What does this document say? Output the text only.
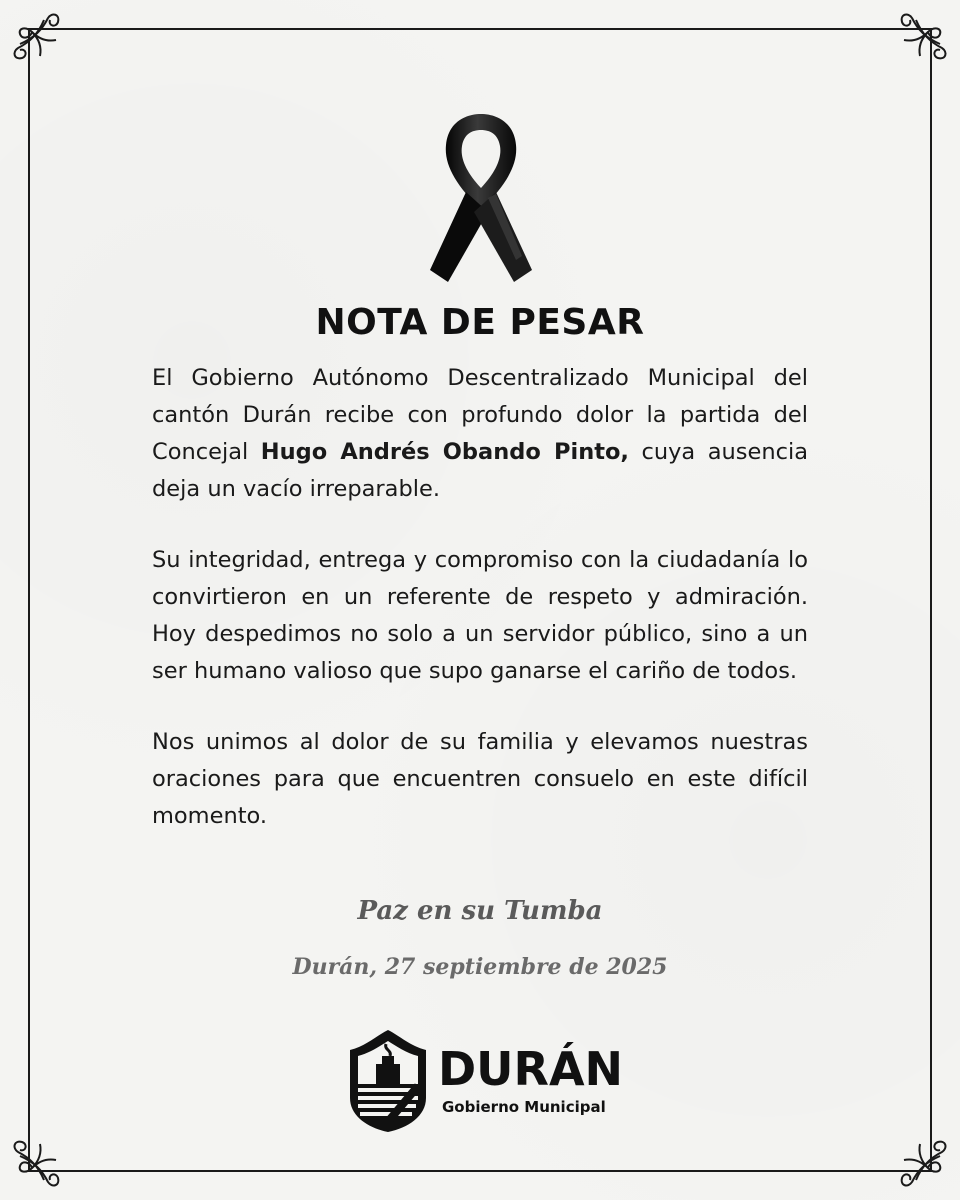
NOTA DE PESAR

El Gobierno Autónomo Descentralizado Municipal del cantón Durán recibe con profundo dolor la partida del Concejal Hugo Andrés Obando Pinto, cuya ausencia deja un vacío irreparable.

Su integridad, entrega y compromiso con la ciudadanía lo convirtieron en un referente de respeto y admiración. Hoy despedimos no solo a un servidor público, sino a un ser humano valioso que supo ganarse el cariño de todos.

Nos unimos al dolor de su familia y elevamos nuestras oraciones para que encuentren consuelo en este difícil momento.

Paz en su Tumba
Durán, 27 septiembre de 2025
DURÁN
Gobierno Municipal
